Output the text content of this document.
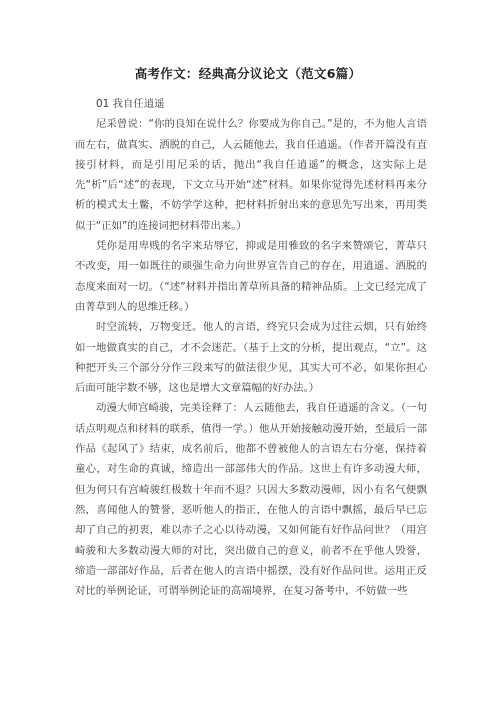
高考作文：经典高分议论文（范文6篇）
01 我自任逍遥

尼采曾说：“你的良知在说什么？你要成为你自己。”是的，不为他人言语而左右，做真实、洒脱的自己，人云随他去，我自任逍遥。（作者开篇没有直接引材料，而是引用尼采的话，抛出“我自任逍遥”的概念，这实际上是先“析”后“述”的表现，下文立马开始“述”材料。如果你觉得先述材料再来分析的模式太土鳖，不妨学学这种，把材料折射出来的意思先写出来，再用类似于“正如”的连接词把材料带出来。）

凭你是用卑贱的名字来玷辱它，抑或是用雅致的名字来赞颂它，菁草只不改变，用一如既往的顽强生命力向世界宣告自己的存在，用逍遥、洒脱的态度来面对一切。（“述”材料并指出菁草所具备的精神品质。上文已经完成了由菁草到人的思维迁移。）

时空流转，万物变迁。他人的言语，终究只会成为过往云烟，只有始终如一地做真实的自己，才不会迷茫。（基于上文的分析，提出观点，“立”。这种把开头三个部分分作三段来写的做法很少见，其实大可不必，如果你担心后面可能字数不够，这也是增大文章篇幅的好办法。）

动漫大师宫崎骏，完美诠释了：人云随他去，我自任逍遥的含义。（一句话点明观点和材料的联系，值得一学。）他从开始接触动漫开始，至最后一部作品《起风了》结束，成名前后，他都不曾被他人的言语左右分毫，保持着童心，对生命的真诚，缔造出一部部伟大的作品。这世上有许多动漫大师，但为何只有宫崎骏红极数十年而不退？只因大多数动漫师，因小有名气便飘然，喜闻他人的赞誉，恶听他人的指正，在他人的言语中飘摇，最后早已忘却了自己的初衷，难以赤子之心以待动漫，又如何能有好作品问世？（用宫崎骏和大多数动漫大师的对比，突出做自己的意义，前者不在乎他人毁誉，缔造一部部好作品，后者在他人的言语中摇摆，没有好作品问世。运用正反对比的举例论证，可谓举例论证的高端境界，在复习备考中，不妨做一些
